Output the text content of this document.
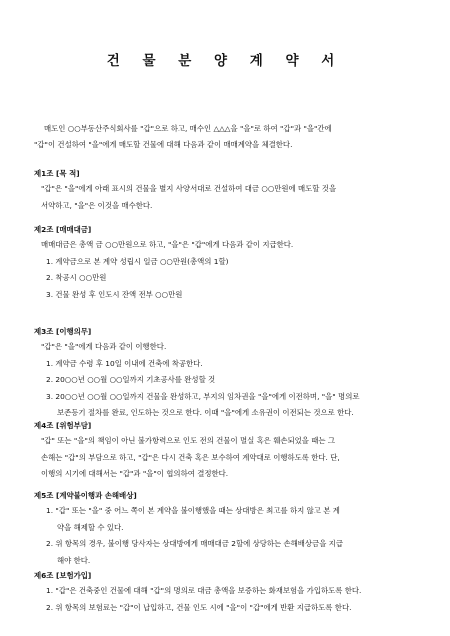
건 물 분 양 계 약 서

매도인 ○○부동산주식회사를 "갑"으로 하고, 매수인 △△△을 "을"로 하여 "갑"과 "을"간에
"갑"이 건설하여 "을"에게 매도할 건물에 대해 다음과 같이 매매계약을 체결한다.

제1조 [목 적]
"갑"은 "을"에게 아래 표시의 건물을 별지 사양서대로 건설하여 대금 ○○만원에 매도할 것을
서약하고, "을"은 이것을 매수한다.
제2조 [매매대금]
매매대금은 총액 금 ○○만원으로 하고, "을"은 "갑"에게 다음과 같이 지급한다.
1. 계약금으로 본 계약 성립시 일금 ○○만원(총액의 1할)
2. 착공시 ○○만원
3. 건물 완성 후 인도시 잔액 전부 ○○만원
제3조 [이행의무]
"갑"은 "을"에게 다음과 같이 이행한다.
1. 계약금 수령 후 10일 이내에 건축에 착공한다.
2. 20○○년 ○○월 ○○일까지 기초공사를 완성할 것
3. 20○○년 ○○월 ○○일까지 건물을 완성하고, 부지의 임차권을 "을"에게 이전하며, "을" 명의로
보존등기 절차를 완료, 인도하는 것으로 한다. 이때 "을"에게 소유권이 이전되는 것으로 한다.
제4조 [위험부담]
"갑" 또는 "을"의 책임이 아닌 불가항력으로 인도 전의 건물이 멸실 혹은 훼손되었을 때는 그
손해는 "갑"의 부담으로 하고, "갑"은 다시 건축 혹은 보수하여 계약대로 이행하도록 한다. 단,
이행의 시기에 대해서는 "갑"과 "을"이 협의하여 결정한다.
제5조 [계약불이행과 손해배상]
1. "갑" 또는 "을" 중 어느 쪽이 본 계약을 불이행했을 때는 상대방은 최고를 하지 않고 본 계
약을 해제할 수 있다.
2. 위 항목의 경우, 불이행 당사자는 상대방에게 매매대금 2할에 상당하는 손해배상금을 지급
해야 한다.
제6조 [보험가입]
1. "갑"은 건축중인 건물에 대해 "갑"의 명의로 대금 총액을 보증하는 화재보험을 가입하도록 한다.
2. 위 항목의 보험료는 "갑"이 납입하고, 건물 인도 시에 "을"이 "갑"에게 반환 지급하도록 한다.
